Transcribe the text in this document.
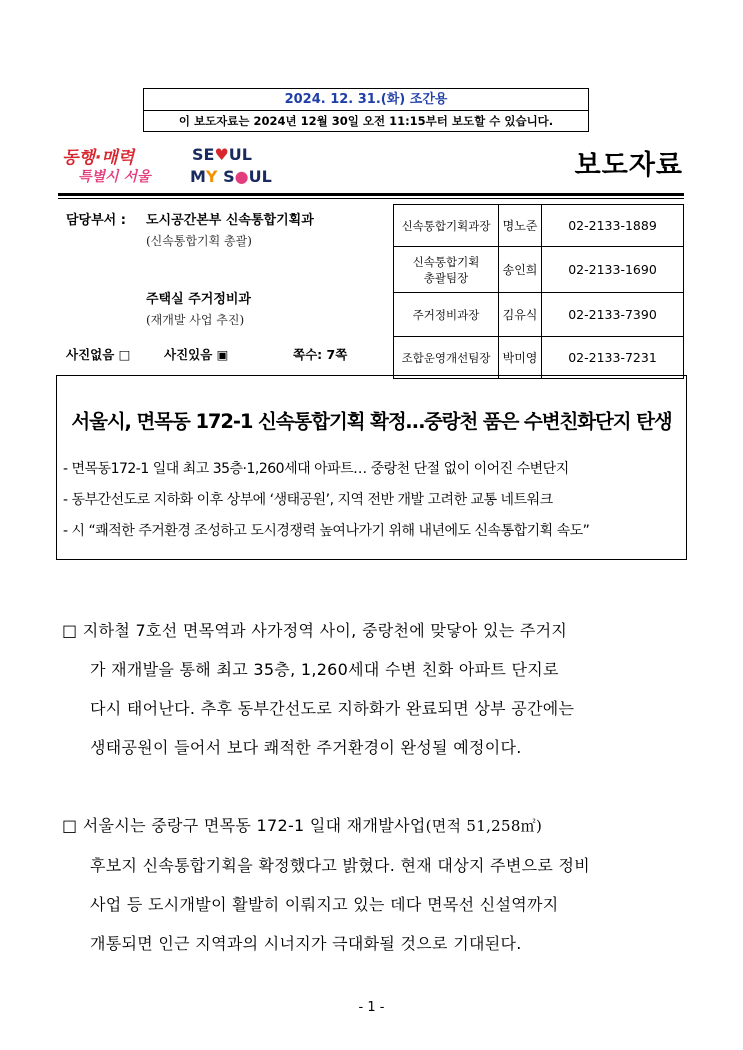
2024. 12. 31.(화) 조간용
이 보도자료는 2024년 12월 30일 오전 11:15부터 보도할 수 있습니다.
동행·매력
특별시 서울
SE♥UL
MY S●UL	보도자료
담당부서 : 도시공간본부 신속통합기획과
(신속통합기획 총괄)
주택실 주거정비과
(재개발 사업 추진)
신속통합기획과장	명노준	02-2133-1889

신속통합기획
총괄팀장	송인희	02-2133-1690
주거정비과장	김유식	02-2133-7390
조합운영개선팀장	박미영	02-2133-7231
사진없음 □	사진있음 ▣	쪽수: 7쪽
서울시, 면목동 172-1 신속통합기획 확정…중랑천 품은 수변친화단지 탄생
- 면목동172-1 일대 최고 35층·1,260세대 아파트… 중랑천 단절 없이 이어진 수변단지
- 동부간선도로 지하화 이후 상부에 ‘생태공원’, 지역 전반 개발 고려한 교통 네트워크
- 시 “쾌적한 주거환경 조성하고 도시경쟁력 높여나가기 위해 내년에도 신속통합기획 속도”
□ 지하철 7호선 면목역과 사가정역 사이, 중랑천에 맞닿아 있는 주거지
가 재개발을 통해 최고 35층, 1,260세대 수변 친화 아파트 단지로
다시 태어난다. 추후 동부간선도로 지하화가 완료되면 상부 공간에는
생태공원이 들어서 보다 쾌적한 주거환경이 완성될 예정이다.
□ 서울시는 중랑구 면목동 172-1 일대 재개발사업(면적 51,258㎡)
후보지 신속통합기획을 확정했다고 밝혔다. 현재 대상지 주변으로 정비
사업 등 도시개발이 활발히 이뤄지고 있는 데다 면목선 신설역까지
개통되면 인근 지역과의 시너지가 극대화될 것으로 기대된다.
- 1 -
